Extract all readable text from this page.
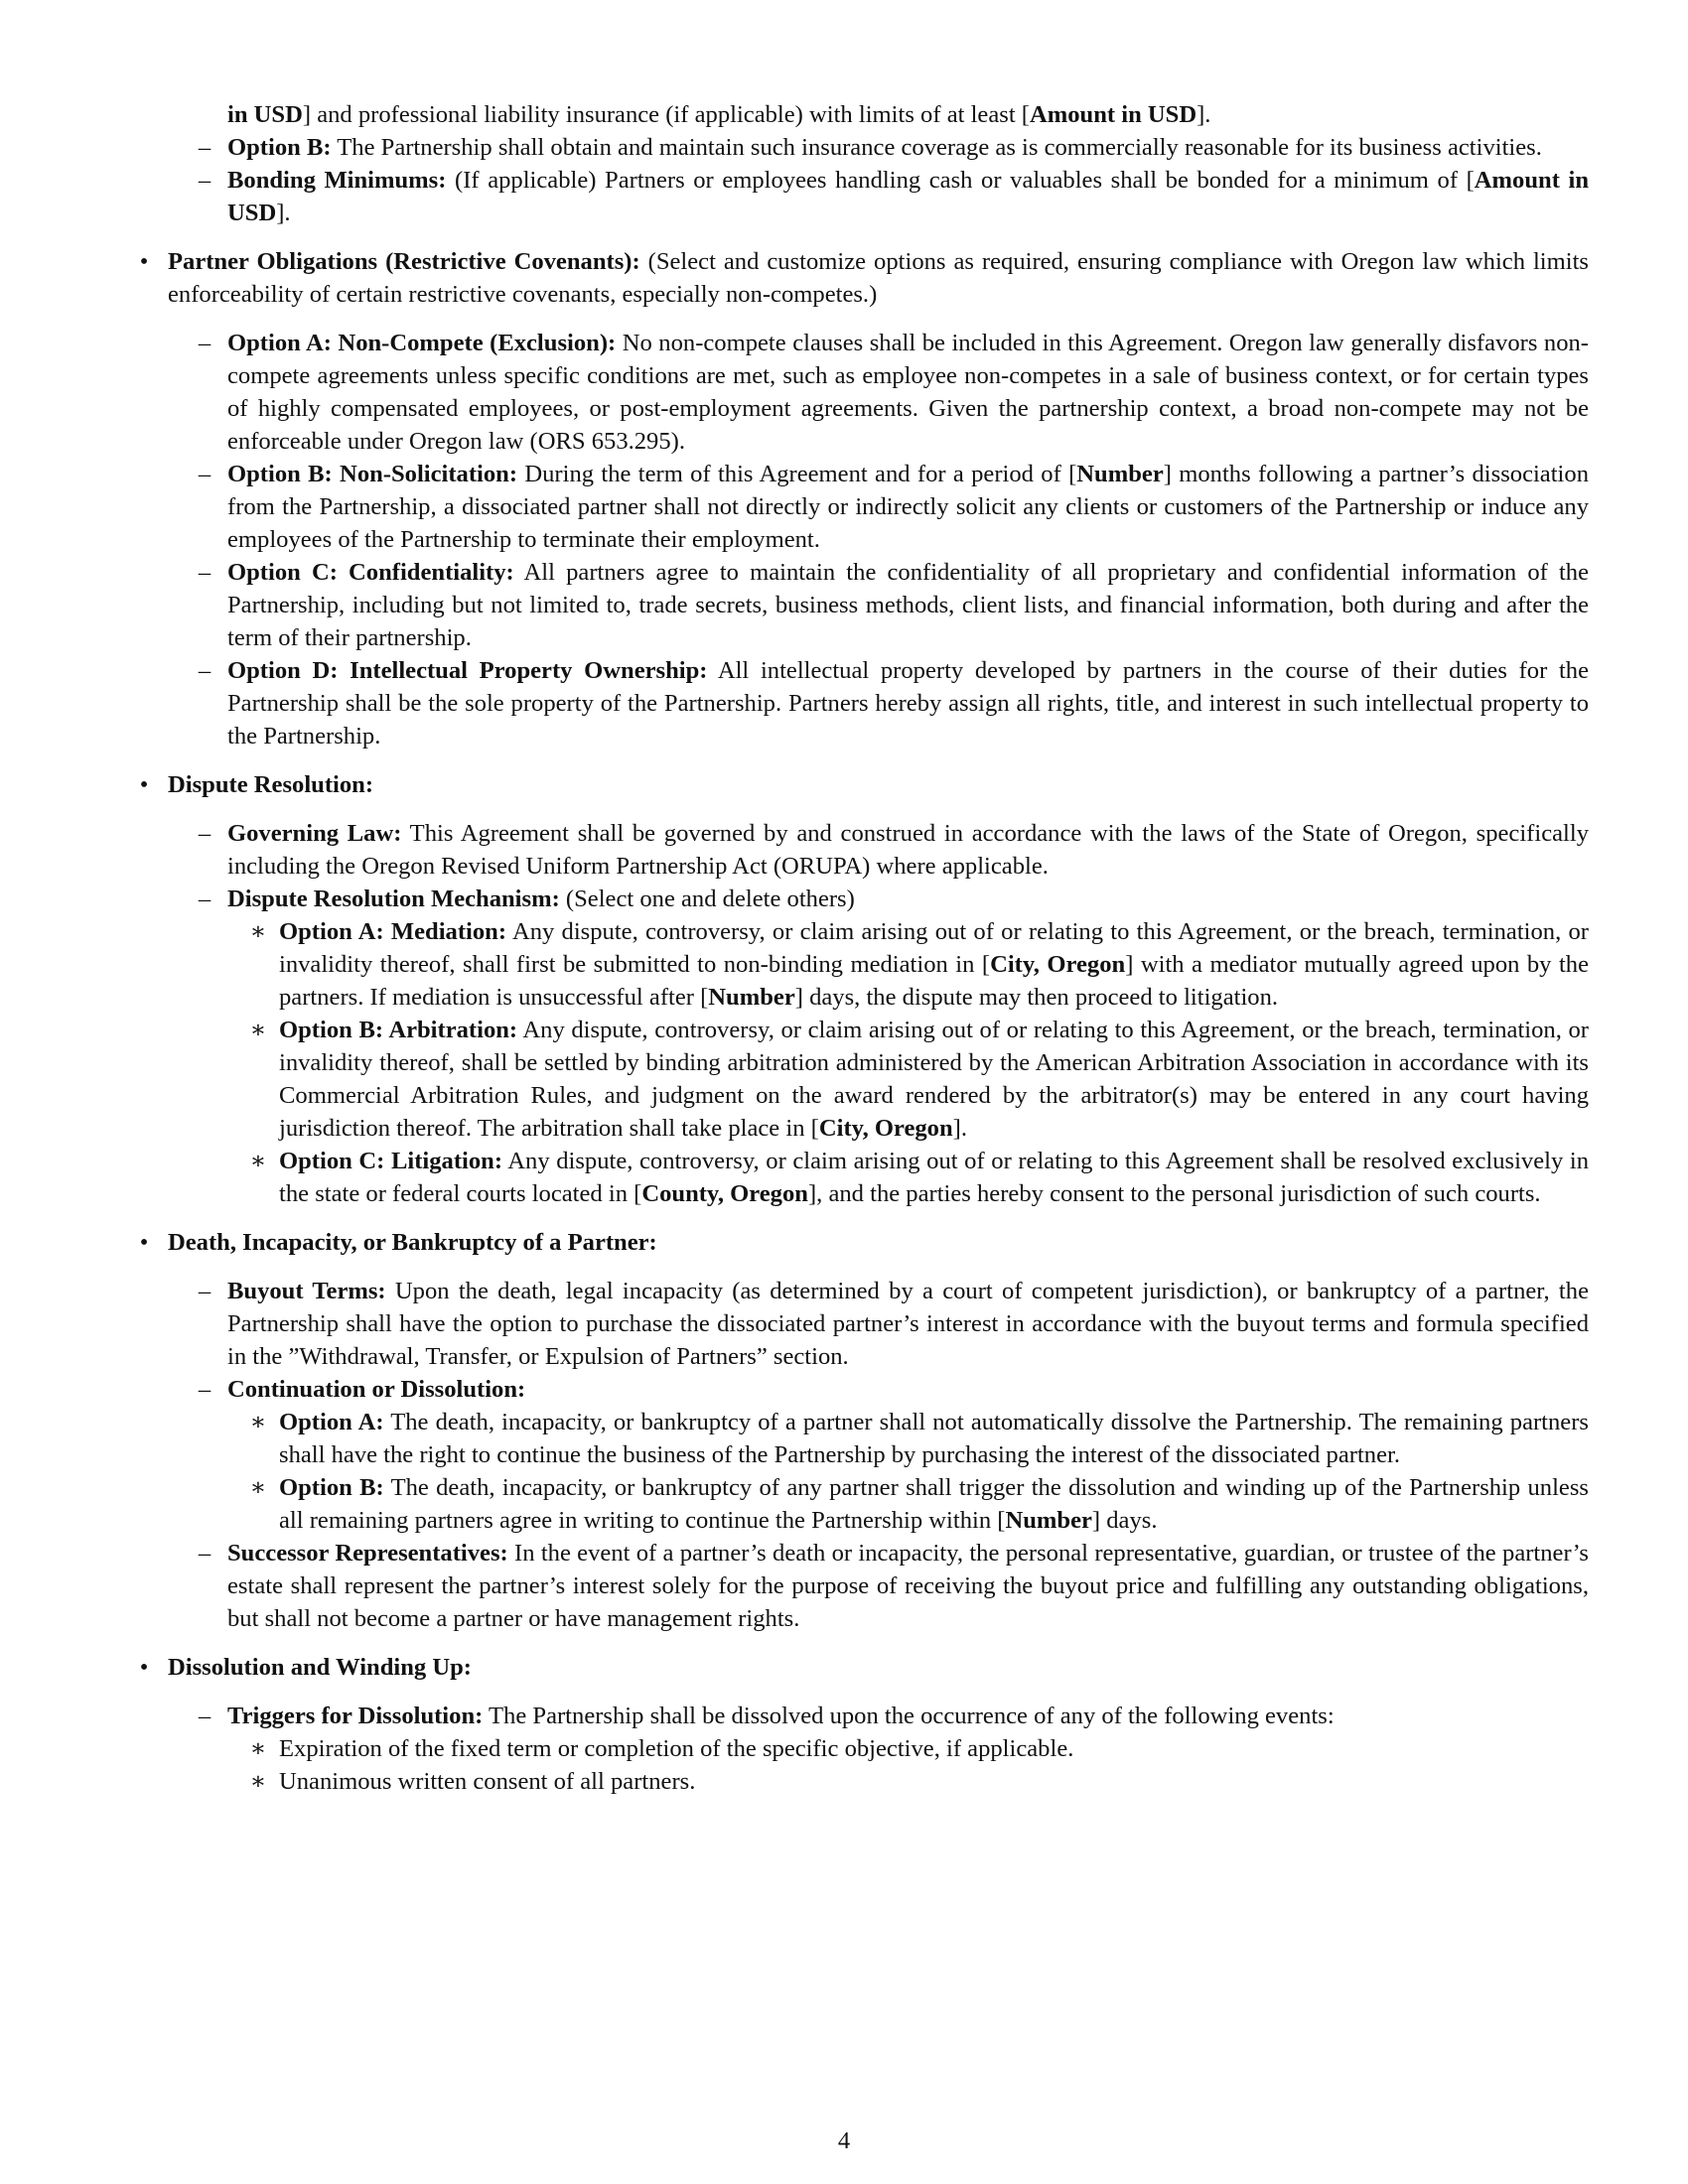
in USD] and professional liability insurance (if applicable) with limits of at least [Amount in USD].

– Option B: The Partnership shall obtain and maintain such insurance coverage as is commercially reasonable for its business activities.

– Bonding Minimums: (If applicable) Partners or employees handling cash or valuables shall be bonded for a minimum of [Amount in USD].

• Partner Obligations (Restrictive Covenants): (Select and customize options as required, ensuring compliance with Oregon law which limits enforceability of certain restrictive covenants, especially non-competes.)

– Option A: Non-Compete (Exclusion): No non-compete clauses shall be included in this Agreement. Oregon law generally disfavors non-compete agreements unless specific conditions are met, such as employee non-competes in a sale of business context, or for certain types of highly compensated employees, or post-employment agreements. Given the partnership context, a broad non-compete may not be enforceable under Oregon law (ORS 653.295).

– Option B: Non-Solicitation: During the term of this Agreement and for a period of [Number] months following a partner’s dissociation from the Partnership, a dissociated partner shall not directly or indirectly solicit any clients or customers of the Partnership or induce any employees of the Partnership to terminate their employment.

– Option C: Confidentiality: All partners agree to maintain the confidentiality of all proprietary and confidential information of the Partnership, including but not limited to, trade secrets, business methods, client lists, and financial information, both during and after the term of their partnership.

– Option D: Intellectual Property Ownership: All intellectual property developed by partners in the course of their duties for the Partnership shall be the sole property of the Partnership. Partners hereby assign all rights, title, and interest in such intellectual property to the Partnership.

• Dispute Resolution:

– Governing Law: This Agreement shall be governed by and construed in accordance with the laws of the State of Oregon, specifically including the Oregon Revised Uniform Partnership Act (ORUPA) where applicable.

– Dispute Resolution Mechanism: (Select one and delete others)

∗ Option A: Mediation: Any dispute, controversy, or claim arising out of or relating to this Agreement, or the breach, termination, or invalidity thereof, shall first be submitted to non-binding mediation in [City, Oregon] with a mediator mutually agreed upon by the partners. If mediation is unsuccessful after [Number] days, the dispute may then proceed to litigation.

∗ Option B: Arbitration: Any dispute, controversy, or claim arising out of or relating to this Agreement, or the breach, termination, or invalidity thereof, shall be settled by binding arbitration administered by the American Arbitration Association in accordance with its Commercial Arbitration Rules, and judgment on the award rendered by the arbitrator(s) may be entered in any court having jurisdiction thereof. The arbitration shall take place in [City, Oregon].

∗ Option C: Litigation: Any dispute, controversy, or claim arising out of or relating to this Agreement shall be resolved exclusively in the state or federal courts located in [County, Oregon], and the parties hereby consent to the personal jurisdiction of such courts.

• Death, Incapacity, or Bankruptcy of a Partner:

– Buyout Terms: Upon the death, legal incapacity (as determined by a court of competent jurisdiction), or bankruptcy of a partner, the Partnership shall have the option to purchase the dissociated partner’s interest in accordance with the buyout terms and formula specified in the ”Withdrawal, Transfer, or Expulsion of Partners” section.

– Continuation or Dissolution:

∗ Option A: The death, incapacity, or bankruptcy of a partner shall not automatically dissolve the Partnership. The remaining partners shall have the right to continue the business of the Partnership by purchasing the interest of the dissociated partner.

∗ Option B: The death, incapacity, or bankruptcy of any partner shall trigger the dissolution and winding up of the Partnership unless all remaining partners agree in writing to continue the Partnership within [Number] days.

– Successor Representatives: In the event of a partner’s death or incapacity, the personal representative, guardian, or trustee of the partner’s estate shall represent the partner’s interest solely for the purpose of receiving the buyout price and fulfilling any outstanding obligations, but shall not become a partner or have management rights.

• Dissolution and Winding Up:

– Triggers for Dissolution: The Partnership shall be dissolved upon the occurrence of any of the following events:

∗ Expiration of the fixed term or completion of the specific objective, if applicable.

∗ Unanimous written consent of all partners.

4
